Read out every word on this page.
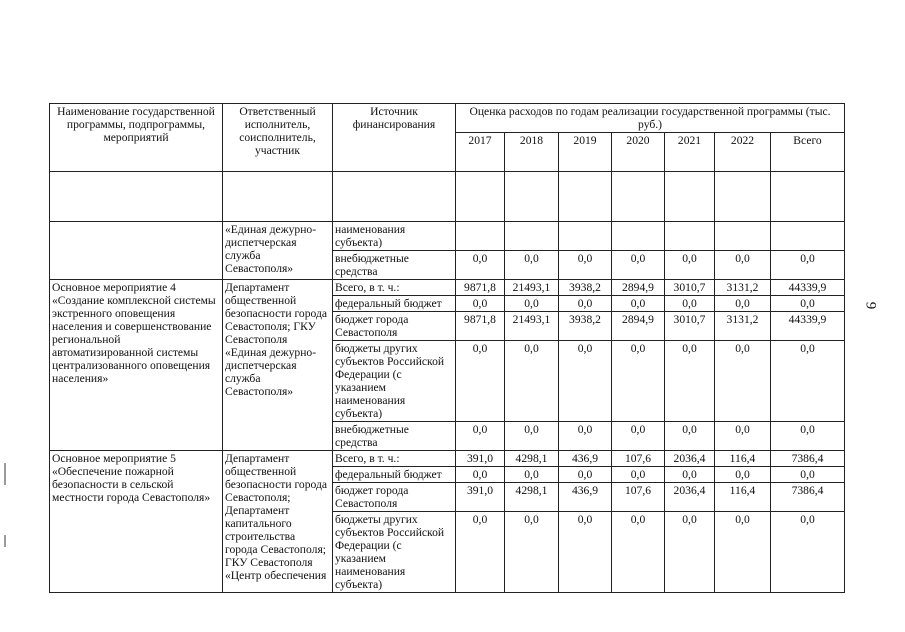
9
Наименование государственной программы, подпрограммы, мероприятий	Ответственный исполнитель, соисполнитель, участник	Источник финансирования	Оценка расходов по годам реализации государственной программы (тыс. руб.)						
			2017	2018	2019	2020	2021	2022	Всего

	«Единая дежурно-диспетчерская служба Севастополя»	наименования субъекта)							
		внебюджетные средства	0,0	0,0	0,0	0,0	0,0	0,0	0,0
Основное мероприятие 4 «Создание комплексной системы экстренного оповещения населения и совершенствование региональной автоматизированной системы централизованного оповещения населения»	Департамент общественной безопасности города Севастополя; ГКУ Севастополя «Единая дежурно-диспетчерская служба Севастополя»	Всего, в т. ч.:	9871,8	21493,1	3938,2	2894,9	3010,7	3131,2	44339,9
		федеральный бюджет	0,0	0,0	0,0	0,0	0,0	0,0	0,0
		бюджет города Севастополя	9871,8	21493,1	3938,2	2894,9	3010,7	3131,2	44339,9
		бюджеты других субъектов Российской Федерации (с указанием наименования субъекта)	0,0	0,0	0,0	0,0	0,0	0,0	0,0
		внебюджетные средства	0,0	0,0	0,0	0,0	0,0	0,0	0,0
Основное мероприятие 5 «Обеспечение пожарной безопасности в сельской местности города Севастополя»	Департамент общественной безопасности города Севастополя; Департамент капитального строительства города Севастополя; ГКУ Севастополя «Центр обеспечения	Всего, в т. ч.:	391,0	4298,1	436,9	107,6	2036,4	116,4	7386,4
		федеральный бюджет	0,0	0,0	0,0	0,0	0,0	0,0	0,0
		бюджет города Севастополя	391,0	4298,1	436,9	107,6	2036,4	116,4	7386,4
		бюджеты других субъектов Российской Федерации (с указанием наименования субъекта)	0,0	0,0	0,0	0,0	0,0	0,0	0,0
